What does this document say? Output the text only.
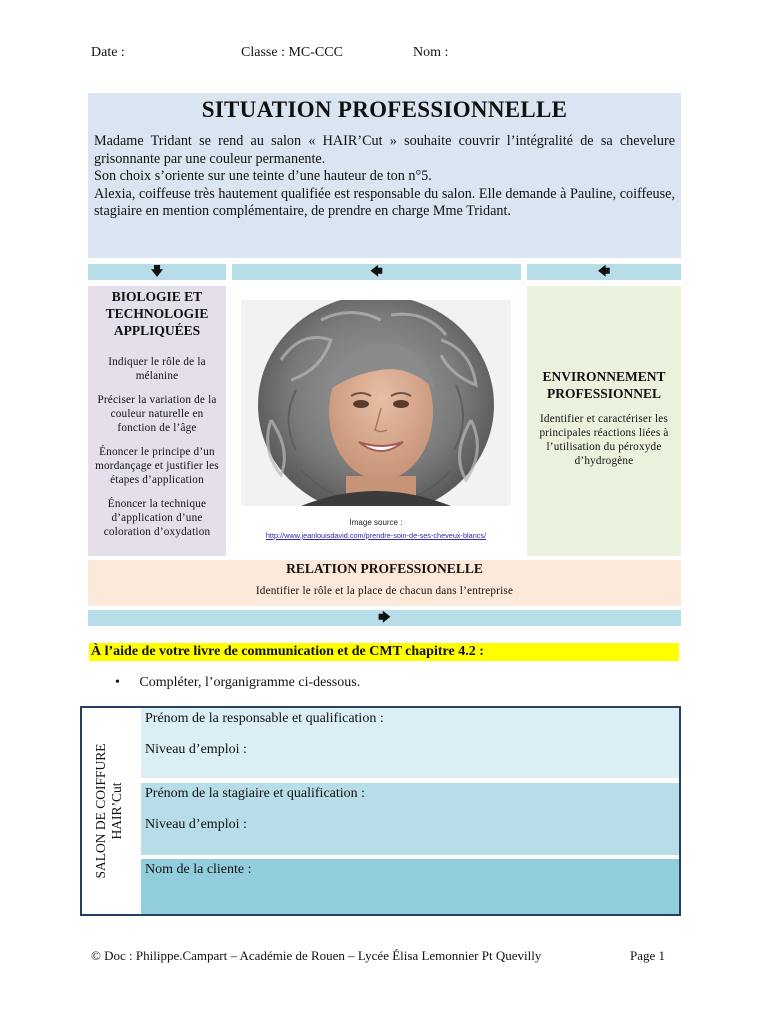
Date :	Classe : MC-CCC	Nom :
SITUATION PROFESSIONNELLE

Madame Tridant se rend au salon « HAIR’Cut » souhaite couvrir l’intégralité de sa chevelure grisonnante par une couleur permanente.

Son choix s’oriente sur une teinte d’une hauteur de ton n°5.

Alexia, coiffeuse très hautement qualifiée est responsable du salon. Elle demande à Pauline, coiffeuse, stagiaire en mention complémentaire, de prendre en charge Mme Tridant.

🡇	🡄	🡄
BIOLOGIE ET TECHNOLOGIE APPLIQUÉES
Indiquer le rôle de la mélanine
Préciser la variation de la couleur naturelle en fonction de l’âge
Énoncer le principe d’un mordançage et justifier les étapes d’application
Énoncer la technique d’application d’une coloration d’oxydation
Image source :
http://www.jeanlouisdavid.com/prendre-soin-de-ses-cheveux-blancs/
ENVIRONNEMENT PROFESSIONNEL
Identifier et caractériser les principales réactions liées à l’utilisation du péroxyde d’hydrogène
RELATION PROFESSIONELLE
Identifier le rôle et la place de chacun dans l’entreprise
🡆
À l’aide de votre livre de communication et de CMT chapitre 4.2 :
• Compléter, l’organigramme ci-dessous.
SALON DE COIFFURE HAIR’Cut
Prénom de la responsable et qualification :
Niveau d’emploi :
Prénom de la stagiaire et qualification :
Niveau d’emploi :
Nom de la cliente :
© Doc : Philippe.Campart – Académie de Rouen – Lycée Élisa Lemonnier Pt Quevilly	Page 1
